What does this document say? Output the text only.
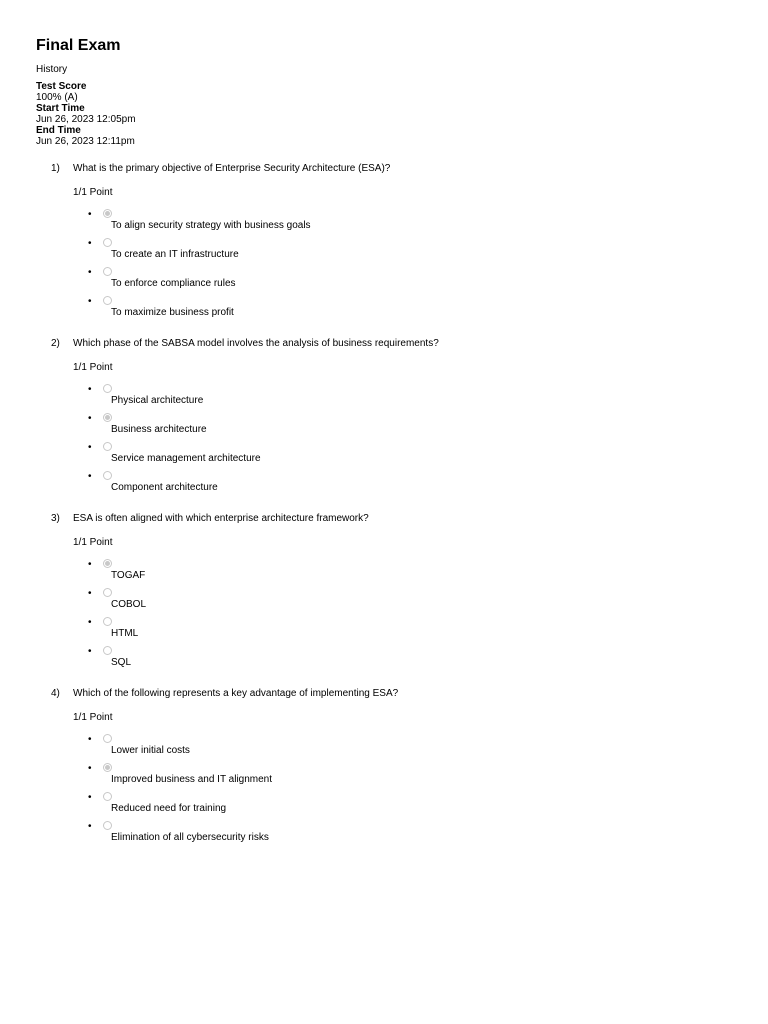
Final Exam
History
Test Score
100% (A)
Start Time
Jun 26, 2023 12:05pm
End Time
Jun 26, 2023 12:11pm
1) What is the primary objective of Enterprise Security Architecture (ESA)?
1/1 Point
•
To align security strategy with business goals
•
To create an IT infrastructure
•
To enforce compliance rules
•
To maximize business profit
2) Which phase of the SABSA model involves the analysis of business requirements?
1/1 Point
•
Physical architecture
•
Business architecture
•
Service management architecture
•
Component architecture
3) ESA is often aligned with which enterprise architecture framework?
1/1 Point
•
TOGAF
•
COBOL
•
HTML
•
SQL
4) Which of the following represents a key advantage of implementing ESA?
1/1 Point
•
Lower initial costs
•
Improved business and IT alignment
•
Reduced need for training
•
Elimination of all cybersecurity risks
